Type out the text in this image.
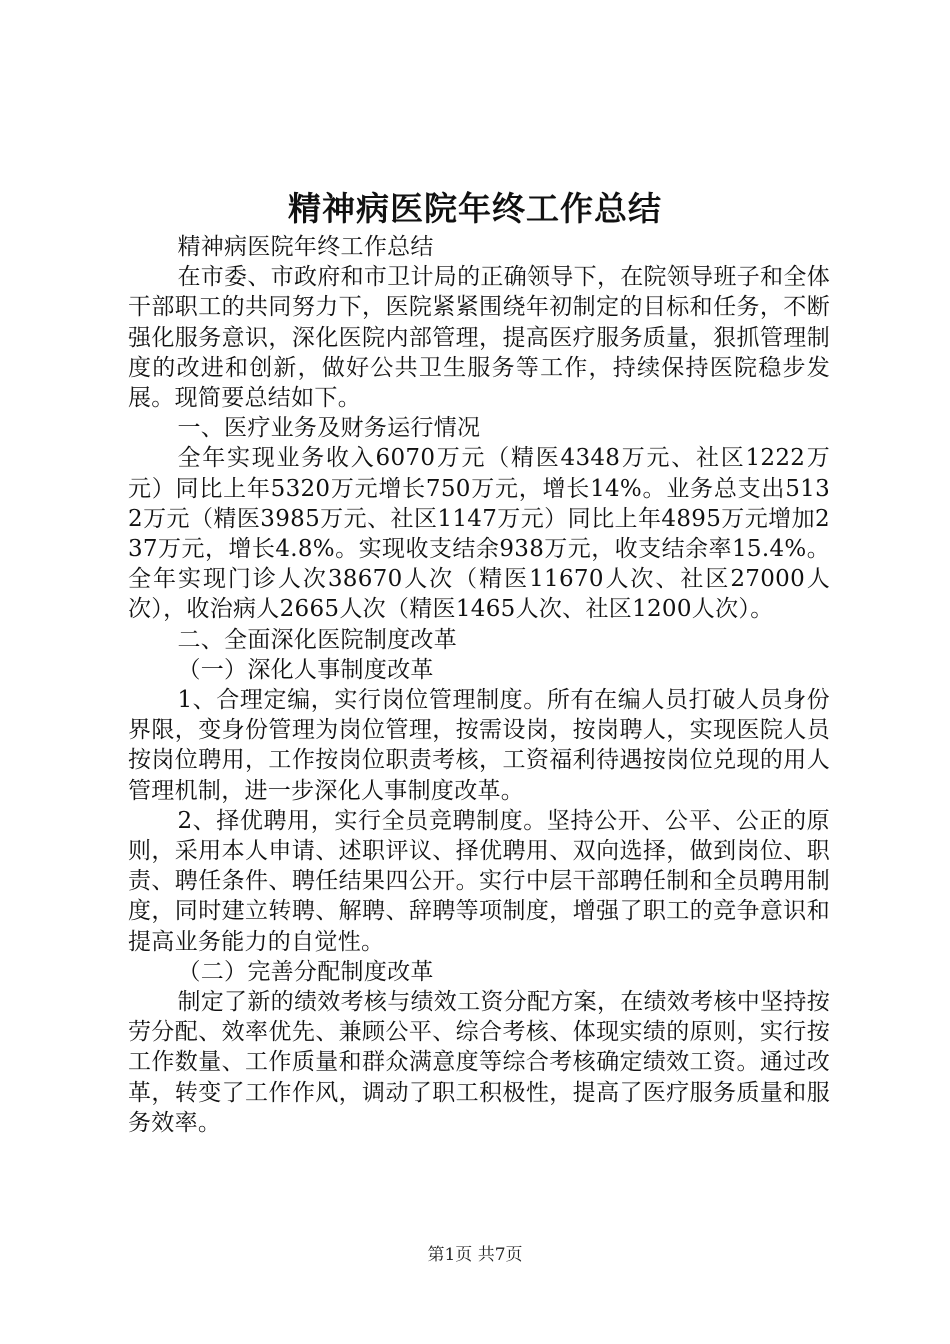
精神病医院年终工作总结

精神病医院年终工作总结

在市委、市政府和市卫计局的正确领导下，在院领导班子和全体干部职工的共同努力下，医院紧紧围绕年初制定的目标和任务，不断强化服务意识，深化医院内部管理，提高医疗服务质量，狠抓管理制度的改进和创新，做好公共卫生服务等工作，持续保持医院稳步发展。现简要总结如下。

一、医疗业务及财务运行情况

全年实现业务收入6070万元（精医4348万元、社区1222万元）同比上年5320万元增长750万元，增长14%。业务总支出5132万元（精医3985万元、社区1147万元）同比上年4895万元增加237万元，增长4.8%。实现收支结余938万元，收支结余率15.4%。全年实现门诊人次38670人次（精医11670人次、社区27000人次），收治病人2665人次（精医1465人次、社区1200人次）。

二、全面深化医院制度改革

（一）深化人事制度改革

1、合理定编，实行岗位管理制度。所有在编人员打破人员身份界限，变身份管理为岗位管理，按需设岗，按岗聘人，实现医院人员按岗位聘用，工作按岗位职责考核，工资福利待遇按岗位兑现的用人管理机制，进一步深化人事制度改革。

2、择优聘用，实行全员竞聘制度。坚持公开、公平、公正的原则，采用本人申请、述职评议、择优聘用、双向选择，做到岗位、职责、聘任条件、聘任结果四公开。实行中层干部聘任制和全员聘用制度，同时建立转聘、解聘、辞聘等项制度，增强了职工的竞争意识和提高业务能力的自觉性。

（二）完善分配制度改革

制定了新的绩效考核与绩效工资分配方案，在绩效考核中坚持按劳分配、效率优先、兼顾公平、综合考核、体现实绩的原则，实行按工作数量、工作质量和群众满意度等综合考核确定绩效工资。通过改革，转变了工作作风，调动了职工积极性，提高了医疗服务质量和服务效率。

第1页 共7页
